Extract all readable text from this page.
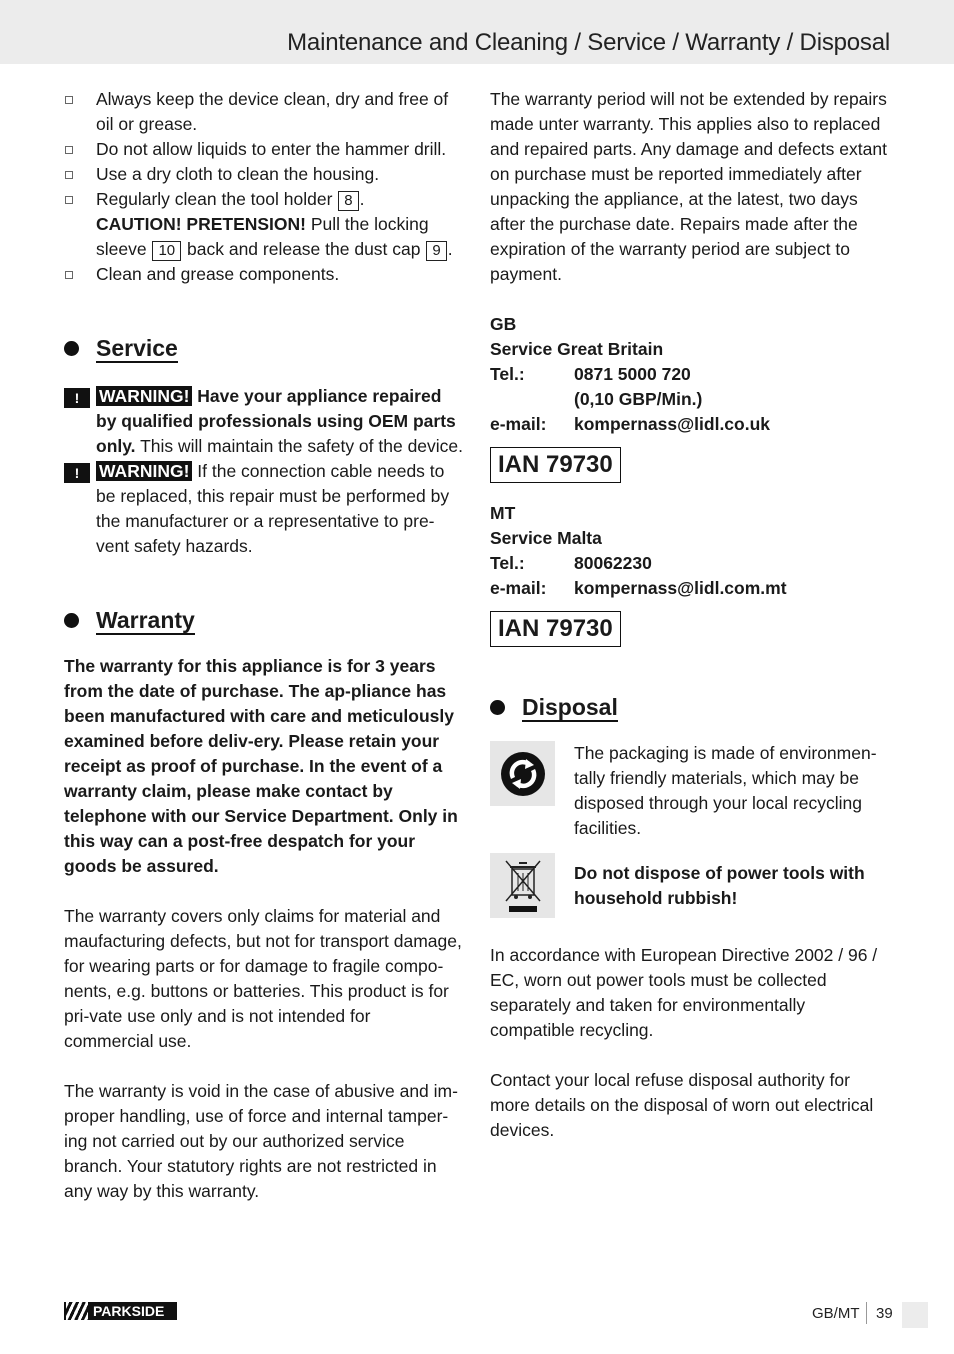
Maintenance and Cleaning / Service / Warranty / Disposal
Always keep the device clean, dry and free of oil or grease.
Do not allow liquids to enter the hammer drill.
Use a dry cloth to clean the housing.
Regularly clean the tool holder 8 .
CAUTION! PRETENSION! Pull the locking sleeve 10 back and release the dust cap 9 .
Clean and grease components.
Service
!	WARNING! Have your appliance repaired by qualified professionals using OEM parts only. This will maintain the safety of the device.
!	WARNING! If the connection cable needs to be replaced, this repair must be performed by the manufacturer or a representative to pre-vent safety hazards.
Warranty

The warranty for this appliance is for 3 years from the date of purchase. The ap-pliance has been manufactured with care and meticulously examined before deliv-ery. Please retain your receipt as proof of purchase. In the event of a warranty claim, please make contact by telephone with our Service Department. Only in this way can a post-free despatch for your goods be assured.

The warranty covers only claims for material and maufacturing defects, but not for transport damage, for wearing parts or for damage to fragile compo-nents, e.g. buttons or batteries. This product is for pri-vate use only and is not intended for commercial use.

The warranty is void in the case of abusive and im-proper handling, use of force and internal tamper-ing not carried out by our authorized service branch. Your statutory rights are not restricted in any way by this warranty.

The warranty period will not be extended by repairs made unter warranty. This applies also to replaced and repaired parts. Any damage and defects extant on purchase must be reported immediately after unpacking the appliance, at the latest, two days after the purchase date. Repairs made after the expiration of the warranty period are subject to payment.

GB
Service Great Britain
Tel.:	0871 5000 720
(0,10 GBP/Min.)
e-mail:	kompernass@lidl.co.uk
IAN 79730
MT
Service Malta
Tel.:	80062230
e-mail:	kompernass@lidl.com.mt
IAN 79730
Disposal

The packaging is made of environmen-tally friendly materials, which may be disposed through your local recycling facilities.

Do not dispose of power tools with household rubbish!

In accordance with European Directive 2002 / 96 / EC, worn out power tools must be collected separately and taken for environmentally compatible recycling.

Contact your local refuse disposal authority for more details on the disposal of worn out electrical devices.

PARKSIDE	GB/MT 39
